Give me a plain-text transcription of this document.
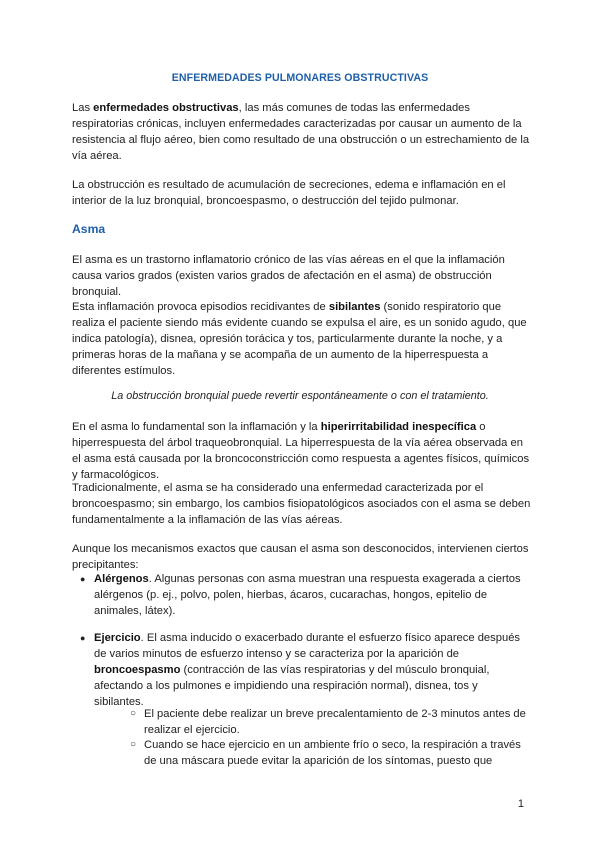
ENFERMEDADES PULMONARES OBSTRUCTIVAS
Las enfermedades obstructivas, las más comunes de todas las enfermedades respiratorias crónicas, incluyen enfermedades caracterizadas por causar un aumento de la resistencia al flujo aéreo, bien como resultado de una obstrucción o un estrechamiento de la vía aérea.
La obstrucción es resultado de acumulación de secreciones, edema e inflamación en el interior de la luz bronquial, broncoespasmo, o destrucción del tejido pulmonar.
Asma
El asma es un trastorno inflamatorio crónico de las vías aéreas en el que la inflamación causa varios grados (existen varios grados de afectación en el asma) de obstrucción bronquial.
Esta inflamación provoca episodios recidivantes de sibilantes (sonido respiratorio que realiza el paciente siendo más evidente cuando se expulsa el aire, es un sonido agudo, que indica patología), disnea, opresión torácica y tos, particularmente durante la noche, y a primeras horas de la mañana y se acompaña de un aumento de la hiperrespuesta a diferentes estímulos.
La obstrucción bronquial puede revertir espontáneamente o con el tratamiento.
En el asma lo fundamental son la inflamación y la hiperirritabilidad inespecífica o hiperrespuesta del árbol traqueobronquial. La hiperrespuesta de la vía aérea observada en el asma está causada por la broncoconstricción como respuesta a agentes físicos, químicos y farmacológicos.
Tradicionalmente, el asma se ha considerado una enfermedad caracterizada por el broncoespasmo; sin embargo, los cambios fisiopatológicos asociados con el asma se deben fundamentalmente a la inflamación de las vías aéreas.
Aunque los mecanismos exactos que causan el asma son desconocidos, intervienen ciertos precipitantes:
● Alérgenos. Algunas personas con asma muestran una respuesta exagerada a ciertos alérgenos (p. ej., polvo, polen, hierbas, ácaros, cucarachas, hongos, epitelio de animales, látex).
● Ejercicio. El asma inducido o exacerbado durante el esfuerzo físico aparece después de varios minutos de esfuerzo intenso y se caracteriza por la aparición de broncoespasmo (contracción de las vías respiratorias y del músculo bronquial, afectando a los pulmones e impidiendo una respiración normal), disnea, tos y sibilantes.
○ El paciente debe realizar un breve precalentamiento de 2-3 minutos antes de realizar el ejercicio.
○ Cuando se hace ejercicio en un ambiente frío o seco, la respiración a través de una máscara puede evitar la aparición de los síntomas, puesto que
1
